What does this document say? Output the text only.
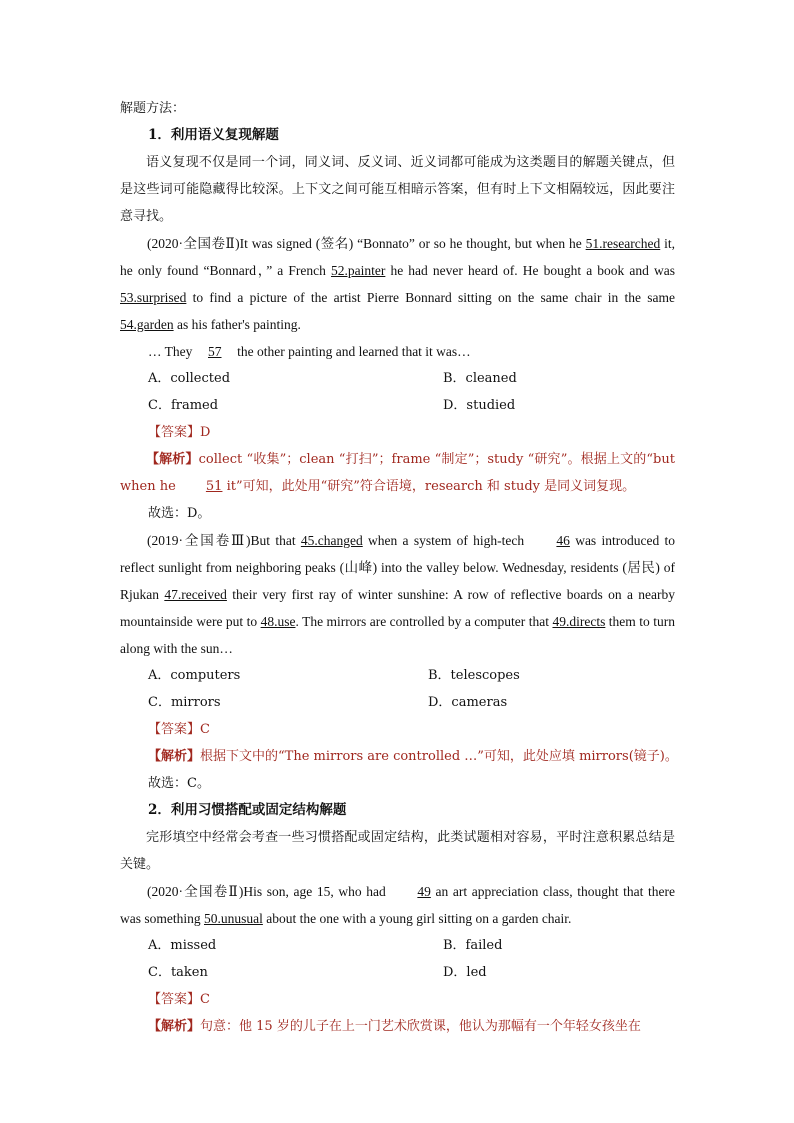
解题方法：
1．利用语义复现解题
语义复现不仅是同一个词，同义词、反义词、近义词都可能成为这类题目的解题关键点，但是这些词可能隐藏得比较深。上下文之间可能互相暗示答案，但有时上下文相隔较远，因此要注意寻找。
(2020·全国卷Ⅱ)It was signed (签名) “Bonnato” or so he thought, but when he 51.researched it, he only found “Bonnard，” a French 52.painter he had never heard of. He bought a book and was 53.surprised to find a picture of the artist Pierre Bonnard sitting on the same chair in the same 54.garden as his father's painting.
… They 57 the other painting and learned that it was…
A．collected	B．cleaned
C．framed	D．studied
【答案】D
【解析】collect “收集”；clean “打扫”；frame “制定”；study “研究”。根据上文的“but when he 51 it”可知，此处用“研究”符合语境，research 和 study 是同义词复现。
故选：D。
(2019·全国卷Ⅲ)But that 45.changed when a system of high-tech 46 was introduced to reflect sunlight from neighboring peaks (山峰) into the valley below. Wednesday, residents (居民) of Rjukan 47.received their very first ray of winter sunshine: A row of reflective boards on a nearby mountainside were put to 48.use. The mirrors are controlled by a computer that 49.directs them to turn along with the sun…
A．computers	B．telescopes
C．mirrors	D．cameras
【答案】C
【解析】根据下文中的“The mirrors are controlled …”可知，此处应填 mirrors(镜子)。
故选：C。
2．利用习惯搭配或固定结构解题
完形填空中经常会考查一些习惯搭配或固定结构，此类试题相对容易，平时注意积累总结是关键。
(2020·全国卷Ⅱ)His son, age 15, who had 49 an art appreciation class, thought that there was something 50.unusual about the one with a young girl sitting on a garden chair.
A．missed	B．failed
C．taken	D．led
【答案】C
【解析】句意：他 15 岁的儿子在上一门艺术欣赏课，他认为那幅有一个年轻女孩坐在
